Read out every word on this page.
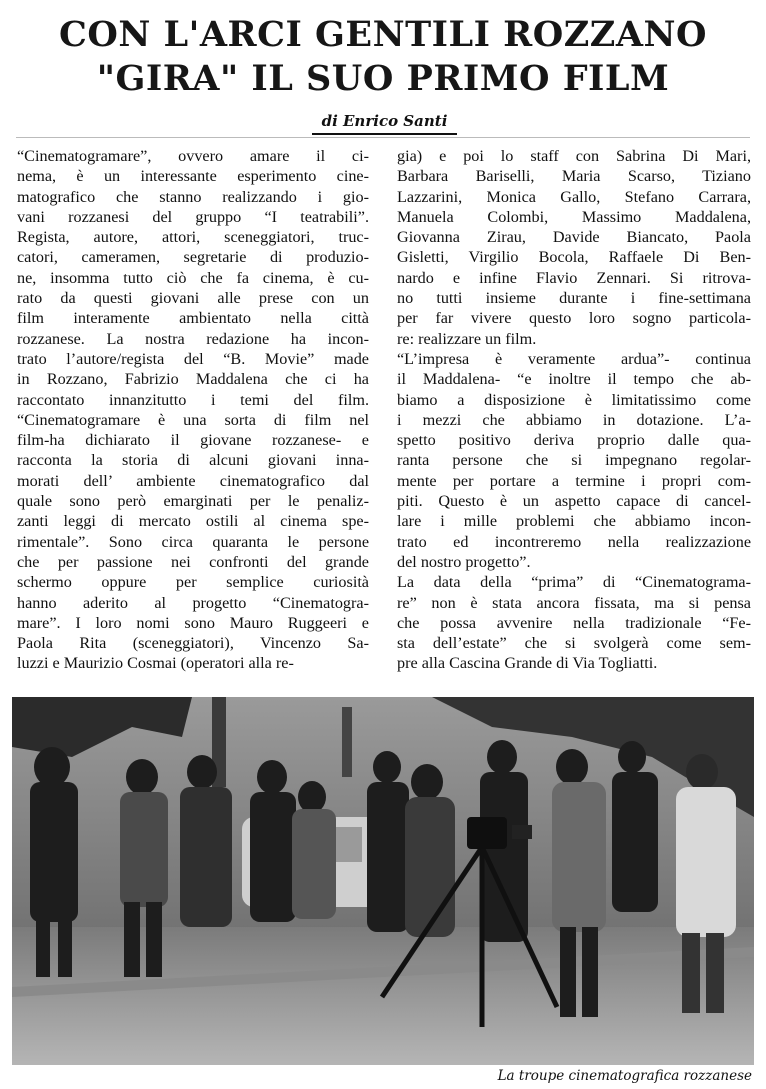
CON L'ARCI GENTILI ROZZANO
"GIRA" IL SUO PRIMO FILM
di Enrico Santi
“Cinematogramare”, ovvero amare il ci-
nema, è un interessante esperimento cine-
matografico che stanno realizzando i gio-
vani rozzanesi del gruppo “I teatrabili”.
Regista, autore, attori, sceneggiatori, truc-
catori, cameramen, segretarie di produzio-
ne, insomma tutto ciò che fa cinema, è cu-
rato da questi giovani alle prese con un
film interamente ambientato nella città
rozzanese. La nostra redazione ha incon-
trato l’autore/regista del “B. Movie” made
in Rozzano, Fabrizio Maddalena che ci ha
raccontato innanzitutto i temi del film.
“Cinematogramare è una sorta di film nel
film-ha dichiarato il giovane rozzanese- e
racconta la storia di alcuni giovani inna-
morati dell’ ambiente cinematografico dal
quale sono però emarginati per le penaliz-
zanti leggi di mercato ostili al cinema spe-
rimentale”. Sono circa quaranta le persone
che per passione nei confronti del grande
schermo oppure per semplice curiosità
hanno aderito al progetto “Cinematogra-
mare”. I loro nomi sono Mauro Ruggeeri e
Paola Rita (sceneggiatori), Vincenzo Sa-
luzzi e Maurizio Cosmai (operatori alla re-
gia) e poi lo staff con Sabrina Di Mari,
Barbara Bariselli, Maria Scarso, Tiziano
Lazzarini, Monica Gallo, Stefano Carrara,
Manuela Colombi, Massimo Maddalena,
Giovanna Zirau, Davide Biancato, Paola
Gisletti, Virgilio Bocola, Raffaele Di Ben-
nardo e infine Flavio Zennari. Si ritrova-
no tutti insieme durante i fine-settimana
per far vivere questo loro sogno particola-
re: realizzare un film.
“L’impresa è veramente ardua”- continua
il Maddalena- “e inoltre il tempo che ab-
biamo a disposizione è limitatissimo come
i mezzi che abbiamo in dotazione. L’a-
spetto positivo deriva proprio dalle qua-
ranta persone che si impegnano regolar-
mente per portare a termine i propri com-
piti. Questo è un aspetto capace di cancel-
lare i mille problemi che abbiamo incon-
trato ed incontreremo nella realizzazione
del nostro progetto”.
La data della “prima” di “Cinematograma-
re” non è stata ancora fissata, ma si pensa
che possa avvenire nella tradizionale “Fe-
sta dell’estate” che si svolgerà come sem-
pre alla Cascina Grande di Via Togliatti.
La troupe cinematografica rozzanese
